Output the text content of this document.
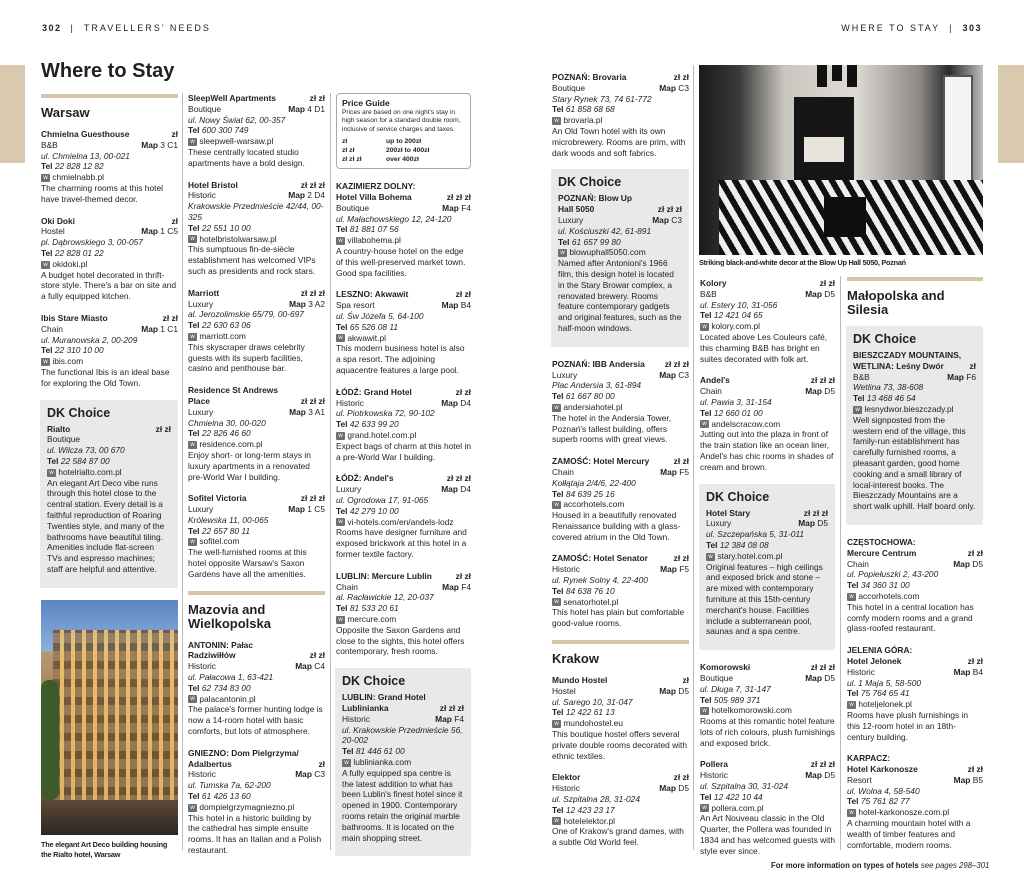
302  |  TRAVELLERS’ NEEDS	WHERE TO STAY  |  303
Where to Stay
Striking black-and-white decor at the Blow Up Hall 5050, Poznań
Warsaw
Chmielna Guesthouse	zł
B&B	Map 3 C1
ul. Chmielna 13, 00-021
Tel 22 828 12 82
w chmielnabb.pl
The charming rooms at this hotel have travel-themed decor.
Oki Doki	zł
Hostel	Map 1 C5
pl. Dąbrowskiego 3, 00-057
Tel 22 828 01 22
w okidoki.pl
A budget hotel decorated in thrift-store style. There's a bar on site and a fully equipped kitchen.
Ibis Stare Miasto	zł zł
Chain	Map 1 C1
ul. Muranowska 2, 00-209
Tel 22 310 10 00
w ibis.com
The functional Ibis is an ideal base for exploring the Old Town.
DK Choice
Rialto	zł zł
Boutique
ul. Wilcza 73, 00 670
Tel 22 584 87 00
w hotelrialto.com.pl
An elegant Art Deco vibe runs through this hotel close to the central station. Every detail is a faithful reproduction of Roaring Twenties style, and many of the bathrooms have beautiful tiling. Amenities include flat-screen TVs and espresso machines; staff are helpful and attentive.
The elegant Art Deco building housing the Rialto hotel, Warsaw
SleepWell Apartments	zł zł
Boutique	Map 4 D1
ul. Nowy Świat 62, 00-357
Tel 600 300 749
w sleepwell-warsaw.pl
These centrally located studio apartments have a bold design.
Hotel Bristol	zł zł zł
Historic	Map 2 D4
Krakowskie Przedmieście 42/44, 00-325
Tel 22 551 10 00
w hotelbristolwarsaw.pl
This sumptuous fin-de-siècle establishment has welcomed VIPs such as presidents and rock stars.
Marriott	zł zł zł
Luxury	Map 3 A2
al. Jerozolimskie 65/79, 00-697
Tel 22 630 63 06
w marriott.com
This skyscraper draws celebrity guests with its superb facilities, casino and penthouse bar.
Residence St Andrews
Place	zł zł zł
Luxury	Map 3 A1
Chmielna 30, 00-020
Tel 22 826 46 60
w residence.com.pl
Enjoy short- or long-term stays in luxury apartments in a renovated pre-World War I building.
Sofitel Victoria	zł zł zł
Luxury	Map 1 C5
Królewska 11, 00-065
Tel 22 657 80 11
w sofitel.com
The well-furnished rooms at this hotel opposite Warsaw's Saxon Gardens have all the amenities.
Mazovia and
Wielkopolska
ANTONIN: Pałac
Radziwiłłów	zł zł
Historic	Map C4
ul. Pałacowa 1, 63-421
Tel 62 734 83 00
w palacantonin.pl
The palace's former hunting lodge is now a 14-room hotel with basic comforts, but lots of atmosphere.
GNIEZNO: Dom Pielgrzyma/
Adalbertus	zł
Historic	Map C3
ul. Tumska 7a, 62-200
Tel 61 426 13 60
w dompielgrzymagniezno.pl
This hotel in a historic building by the cathedral has simple ensuite rooms. It has an Italian and a Polish restaurant.
Price Guide
Prices are based on one night's stay in high season for a standard double room, inclusive of service charges and taxes.
zł	up to 200zł
zł zł	200zł to 400zł
zł zł zł	over 400zł
KAZIMIERZ DOLNY:
Hotel Villa Bohema	zł zł zł
Boutique	Map F4
ul. Małachowskiego 12, 24-120
Tel 81 881 07 56
w villabohema.pl
A country-house hotel on the edge of this well-preserved market town. Good spa facilities.
LESZNO: Akwawit	zł zł
Spa resort	Map B4
ul. Św Józefa 5, 64-100
Tel 65 526 08 11
w akwawit.pl
This modern business hotel is also a spa resort. The adjoining aquacentre features a large pool.
ŁÓDŹ: Grand Hotel	zł zł
Historic	Map D4
ul. Piotrkowska 72, 90-102
Tel 42 633 99 20
w grand.hotel.com.pl
Expect bags of charm at this hotel in a pre-World War I building.
ŁÓDŹ: Andel's	zł zł zł
Luxury	Map D4
ul. Ogrodowa 17, 91-065
Tel 42 279 10 00
w vi-hotels.com/en/andels-lodz
Rooms have designer furniture and exposed brickwork at this hotel in a former textile factory.
LUBLIN: Mercure Lublin	zł zł
Chain	Map F4
al. Racławickie 12, 20-037
Tel 81 533 20 61
w mercure.com
Opposite the Saxon Gardens and close to the sights, this hotel offers contemporary, fresh rooms.
DK Choice
LUBLIN: Grand Hotel
Lublinianka	zł zł zł
Historic	Map F4
ul. Krakowskie Przedmieście 56, 20-002
Tel 81 446 61 00
w lublinianka.com
A fully equipped spa centre is the latest addition to what has been Lublin's finest hotel since it opened in 1900. Contemporary rooms retain the original marble bathrooms. It is located on the main shopping street.
POZNAŃ: Brovaria	zł zł
Boutique	Map C3
Stary Rynek 73, 74 61-772
Tel 61 858 68 68
w brovaria.pl
An Old Town hotel with its own microbrewery. Rooms are prim, with dark woods and soft fabrics.
DK Choice
POZNAŃ: Blow Up
Hall 5050	zł zł zł
Luxury	Map C3
ul. Kościuszki 42, 61-891
Tel 61 657 99 80
w blowuphall5050.com
Named after Antonioni's 1966 film, this design hotel is located in the Stary Browar complex, a renovated brewery. Rooms feature contemporary gadgets and original features, such as the half-moon windows.
POZNAŃ: IBB Andersia zł zł zł
Luxury	Map C3
Plac Andersia 3, 61-894
Tel 61 667 80 00
w andersiahotel.pl
The hotel in the Andersia Tower, Poznań's tallest building, offers superb rooms with great views.
ZAMOŚĆ: Hotel Mercury	zł zł
Chain	Map F5
Kołłątaja 2/4/6, 22-400
Tel 84 639 25 16
w accorhotels.com
Housed in a beautifully renovated Renaissance building with a glass-covered atrium in the Old Town.
ZAMOŚĆ: Hotel Senator	zł zł
Historic	Map F5
ul. Rynek Solny 4, 22-400
Tel 84 638 76 10
w senatorhotel.pl
This hotel has plain but comfortable good-value rooms.
Krakow
Mundo Hostel	zł
Hostel	Map D5
ul. Sarego 10, 31-047
Tel 12 422 61 13
w mundohostel.eu
This boutique hostel offers several private double rooms decorated with ethnic textiles.
Elektor	zł zł
Historic	Map D5
ul. Szpitalna 28, 31-024
Tel 12 423 23 17
w hotelelektor.pl
One of Krakow's grand dames, with a subtle Old World feel.
Kolory	zł zł
B&B	Map D5
ul. Estery 10, 31-056
Tel 12 421 04 65
w kolory.com.pl
Located above Les Couleurs café, this charming B&B has bright en suites decorated with folk art.
Andel's	zł zł zł
Chain	Map D5
ul. Pawia 3, 31-154
Tel 12 660 01 00
w andelscracow.com
Jutting out into the plaza in front of the train station like an ocean liner, Andel's has chic rooms in shades of cream and brown.
DK Choice
Hotel Stary	zł zł zł
Luxury	Map D5
ul. Szczepańska 5, 31-011
Tel 12 384 08 08
w stary.hotel.com.pl
Original features – high ceilings and exposed brick and stone – are mixed with contemporary furniture at this 15th-century merchant's house. Facilities include a subterranean pool, saunas and a spa centre.
Komorowski	zł zł zł
Boutique	Map D5
ul. Długa 7, 31-147
Tel 505 989 371
w hotelkomorowski.com
Rooms at this romantic hotel feature lots of rich colours, plush furnishings and exposed brick.
Pollera	zł zł zł
Historic	Map D5
ul. Szpitalna 30, 31-024
Tel 12 422 10 44
w pollera.com.pl
An Art Nouveau classic in the Old Quarter, the Pollera was founded in 1834 and has welcomed guests with style ever since.
Małopolska and
Silesia
DK Choice
BIESZCZADY MOUNTAINS,
WETLINA: Leśny Dwór	zł
B&B	Map F6
Wetlina 73, 38-608
Tel 13 468 46 54
w lesnydwor.bieszczady.pl
Well signposted from the western end of the village, this family-run establishment has carefully furnished rooms, a pleasant garden, good home cooking and a small library of local-interest books. The Bieszczady Mountains are a short walk uphill. Half board only.
CZĘSTOCHOWA:
Mercure Centrum	zł zł
Chain	Map D5
ul. Popiełuszki 2, 43-200
Tel 34 360 31 00
w accorhotels.com
This hotel in a central location has comfy modern rooms and a grand glass-roofed restaurant.
JELENIA GÓRA:
Hotel Jelonek	zł zł
Historic	Map B4
ul. 1 Maja 5, 58-500
Tel 75 764 65 41
w hoteljelonek.pl
Rooms have plush furnishings in this 12-room hotel in an 18th-century building.
KARPACZ:
Hotel Karkonosze	zł zł
Resort	Map B5
ul. Wolna 4, 58-540
Tel 75 761 82 77
w hotel-karkonosze.com.pl
A charming mountain hotel with a wealth of timber features and comfortable, modern rooms.
For more information on types of hotels see pages 298–301
